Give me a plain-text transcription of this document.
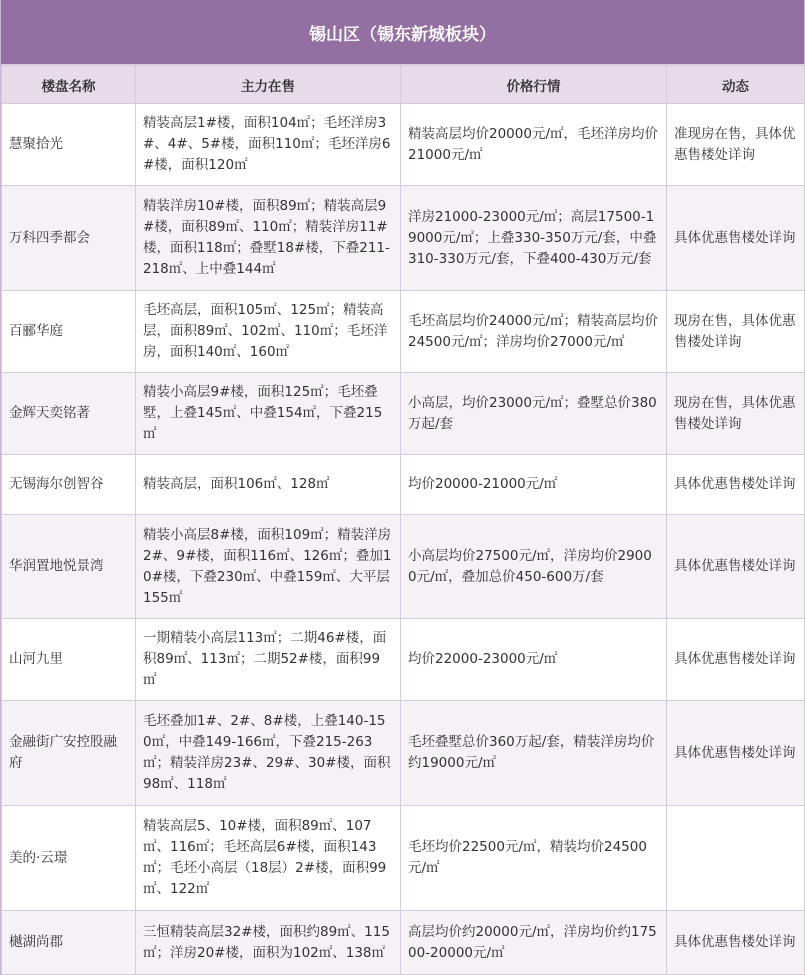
锡山区（锡东新城板块）
楼盘名称	主力在售	价格行情	动态
慧聚拾光	精装高层1#楼，面积104㎡；毛坯洋房3#、4#、5#楼，面积110㎡；毛坯洋房6#楼，面积120㎡	精装高层均价20000元/㎡，毛坯洋房均价21000元/㎡	准现房在售，具体优惠售楼处详询
万科四季都会	精装洋房10#楼，面积89㎡；精装高层9#楼，面积89㎡、110㎡；精装洋房11#楼，面积118㎡；叠墅18#楼，下叠211-218㎡、上中叠144㎡	洋房21000-23000元/㎡；高层17500-19000元/㎡；上叠330-350万元/套，中叠310-330万元/套，下叠400-430万元/套	具体优惠售楼处详询
百郦华庭	毛坯高层，面积105㎡、125㎡；精装高层，面积89㎡、102㎡、110㎡；毛坯洋房，面积140㎡、160㎡	毛坯高层均价24000元/㎡；精装高层均价24500元/㎡；洋房均价27000元/㎡	现房在售，具体优惠售楼处详询
金辉天奕铭著	精装小高层9#楼，面积125㎡；毛坯叠墅，上叠145㎡、中叠154㎡，下叠215㎡	小高层，均价23000元/㎡；叠墅总价380万起/套	现房在售，具体优惠售楼处详询
无锡海尔创智谷	精装高层，面积106㎡、128㎡	均价20000-21000元/㎡	具体优惠售楼处详询
华润置地悦景湾	精装小高层8#楼，面积109㎡；精装洋房2#、9#楼，面积116㎡、126㎡；叠加10#楼，下叠230㎡、中叠159㎡、大平层155㎡	小高层均价27500元/㎡，洋房均价29000元/㎡，叠加总价450-600万/套	具体优惠售楼处详询
山河九里	一期精装小高层113㎡；二期46#楼，面积89㎡、113㎡；二期52#楼，面积99㎡	均价22000-23000元/㎡	具体优惠售楼处详询
金融街广安控股融府	毛坯叠加1#、2#、8#楼，上叠140-150㎡，中叠149-166㎡，下叠215-263㎡；精装洋房23#、29#、30#楼，面积98㎡、118㎡	毛坯叠墅总价360万起/套，精装洋房均价约19000元/㎡	具体优惠售楼处详询
美的·云璟	精装高层5、10#楼，面积89㎡、107㎡、116㎡；毛坯高层6#楼，面积143㎡；毛坯小高层（18层）2#楼，面积99㎡、122㎡	毛坯均价22500元/㎡，精装均价24500元/㎡	
樾湖尚郡	三恒精装高层32#楼，面积约89㎡、115㎡；洋房20#楼，面积为102㎡、138㎡	高层均价约20000元/㎡，洋房均价约17500-20000元/㎡	具体优惠售楼处详询
